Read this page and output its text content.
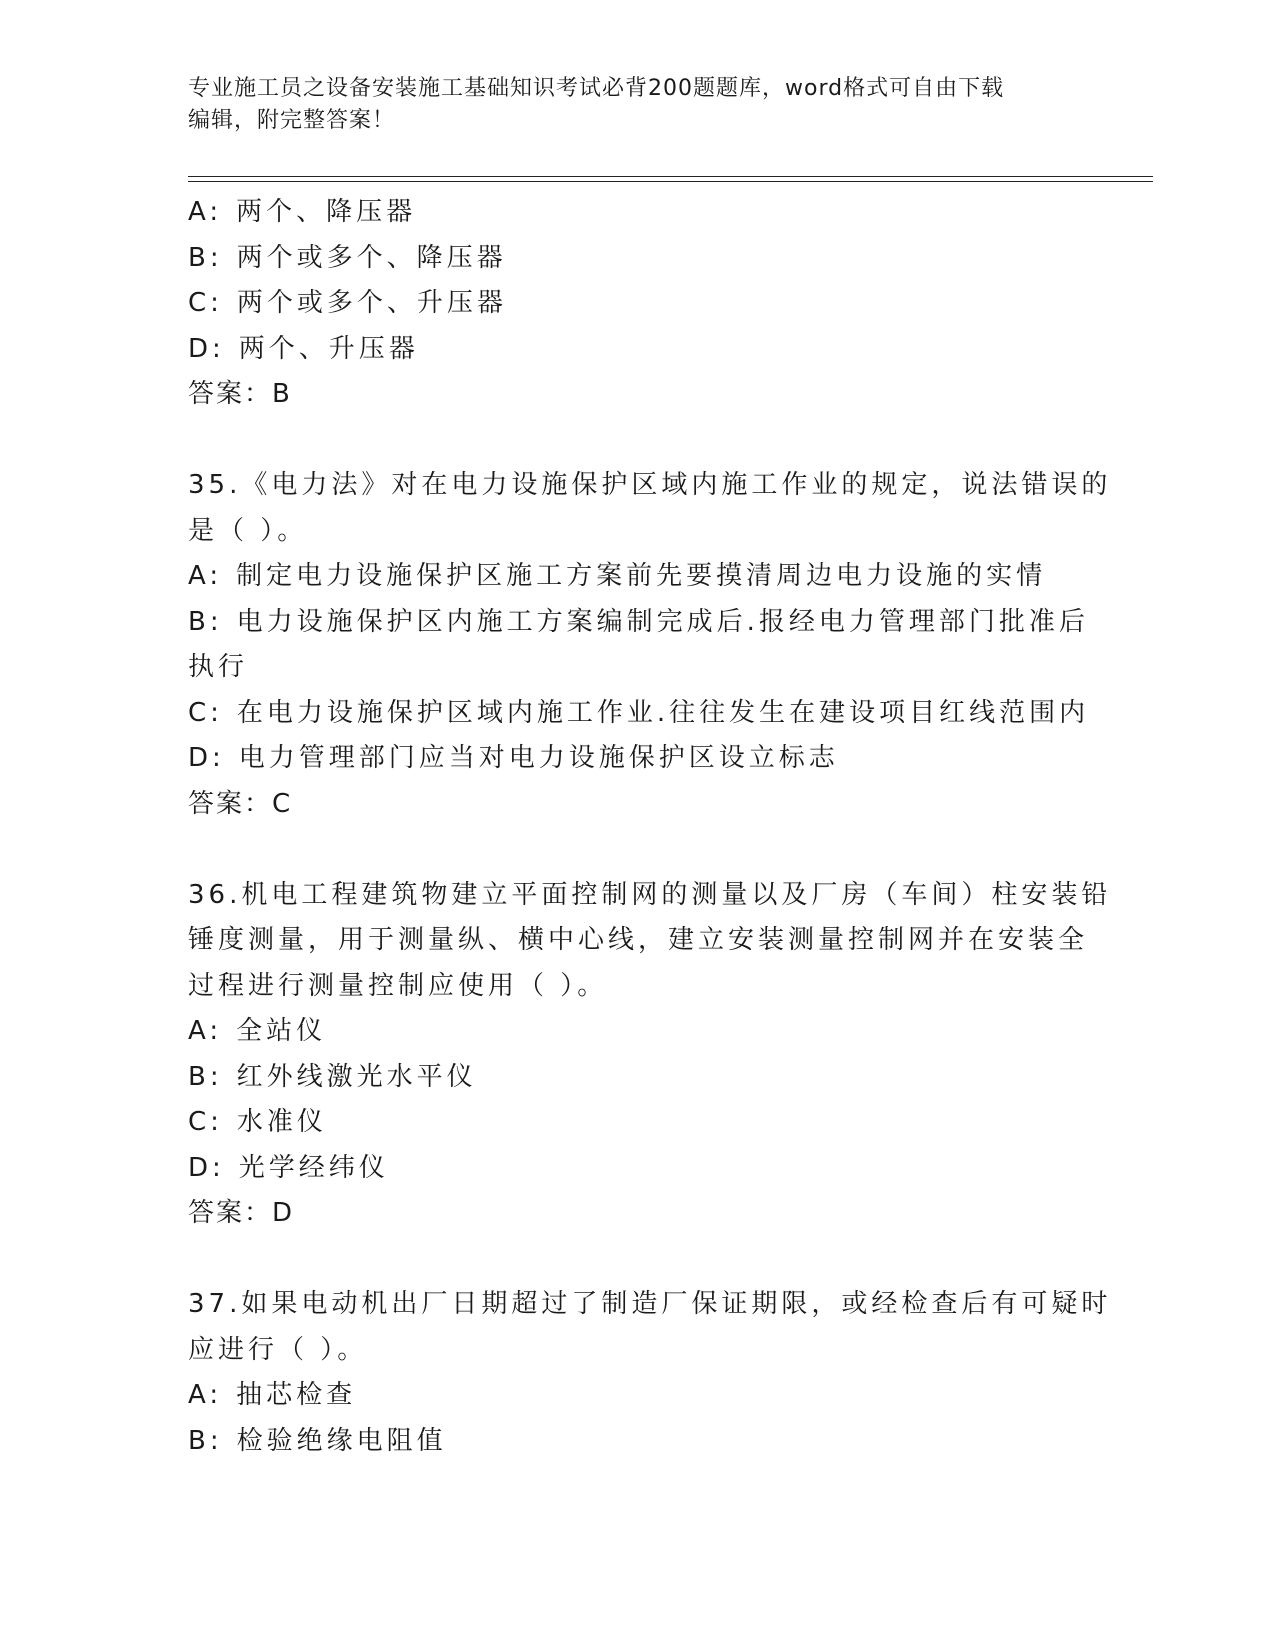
专业施工员之设备安装施工基础知识考试必背200题题库，word格式可自由下载
编辑，附完整答案！
A: 两个、降压器
B: 两个或多个、降压器
C: 两个或多个、升压器
D: 两个、升压器
答案：B
35.《电力法》对在电力设施保护区域内施工作业的规定，说法错误的
是（ ）。
A: 制定电力设施保护区施工方案前先要摸清周边电力设施的实情
B: 电力设施保护区内施工方案编制完成后.报经电力管理部门批准后
执行
C: 在电力设施保护区域内施工作业.往往发生在建设项目红线范围内
D: 电力管理部门应当对电力设施保护区设立标志
答案：C
36.机电工程建筑物建立平面控制网的测量以及厂房（车间）柱安装铅
锤度测量，用于测量纵、横中心线，建立安装测量控制网并在安装全
过程进行测量控制应使用（ ）。
A: 全站仪
B: 红外线激光水平仪
C: 水准仪
D: 光学经纬仪
答案：D
37.如果电动机出厂日期超过了制造厂保证期限，或经检查后有可疑时
应进行（ ）。
A: 抽芯检查
B: 检验绝缘电阻值
